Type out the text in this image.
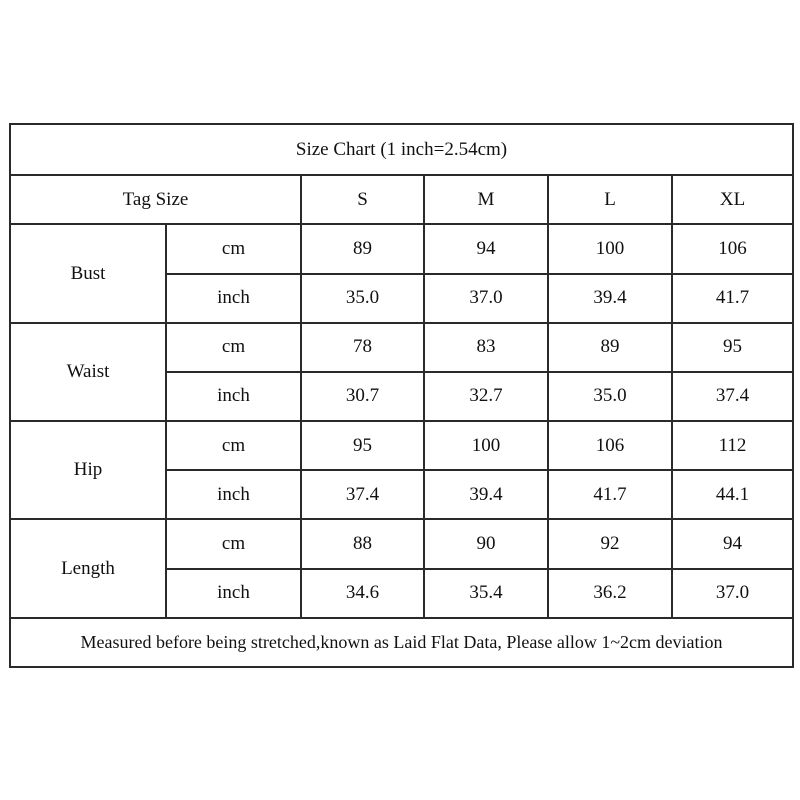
Size Chart (1 inch=2.54cm)					
Tag Size		S	M	L	XL
Bust	cm	89	94	100	106
	inch	35.0	37.0	39.4	41.7
Waist	cm	78	83	89	95
	inch	30.7	32.7	35.0	37.4
Hip	cm	95	100	106	112
	inch	37.4	39.4	41.7	44.1
Length	cm	88	90	92	94
	inch	34.6	35.4	36.2	37.0
Measured before being stretched,known as Laid Flat Data, Please allow 1~2cm deviation					
